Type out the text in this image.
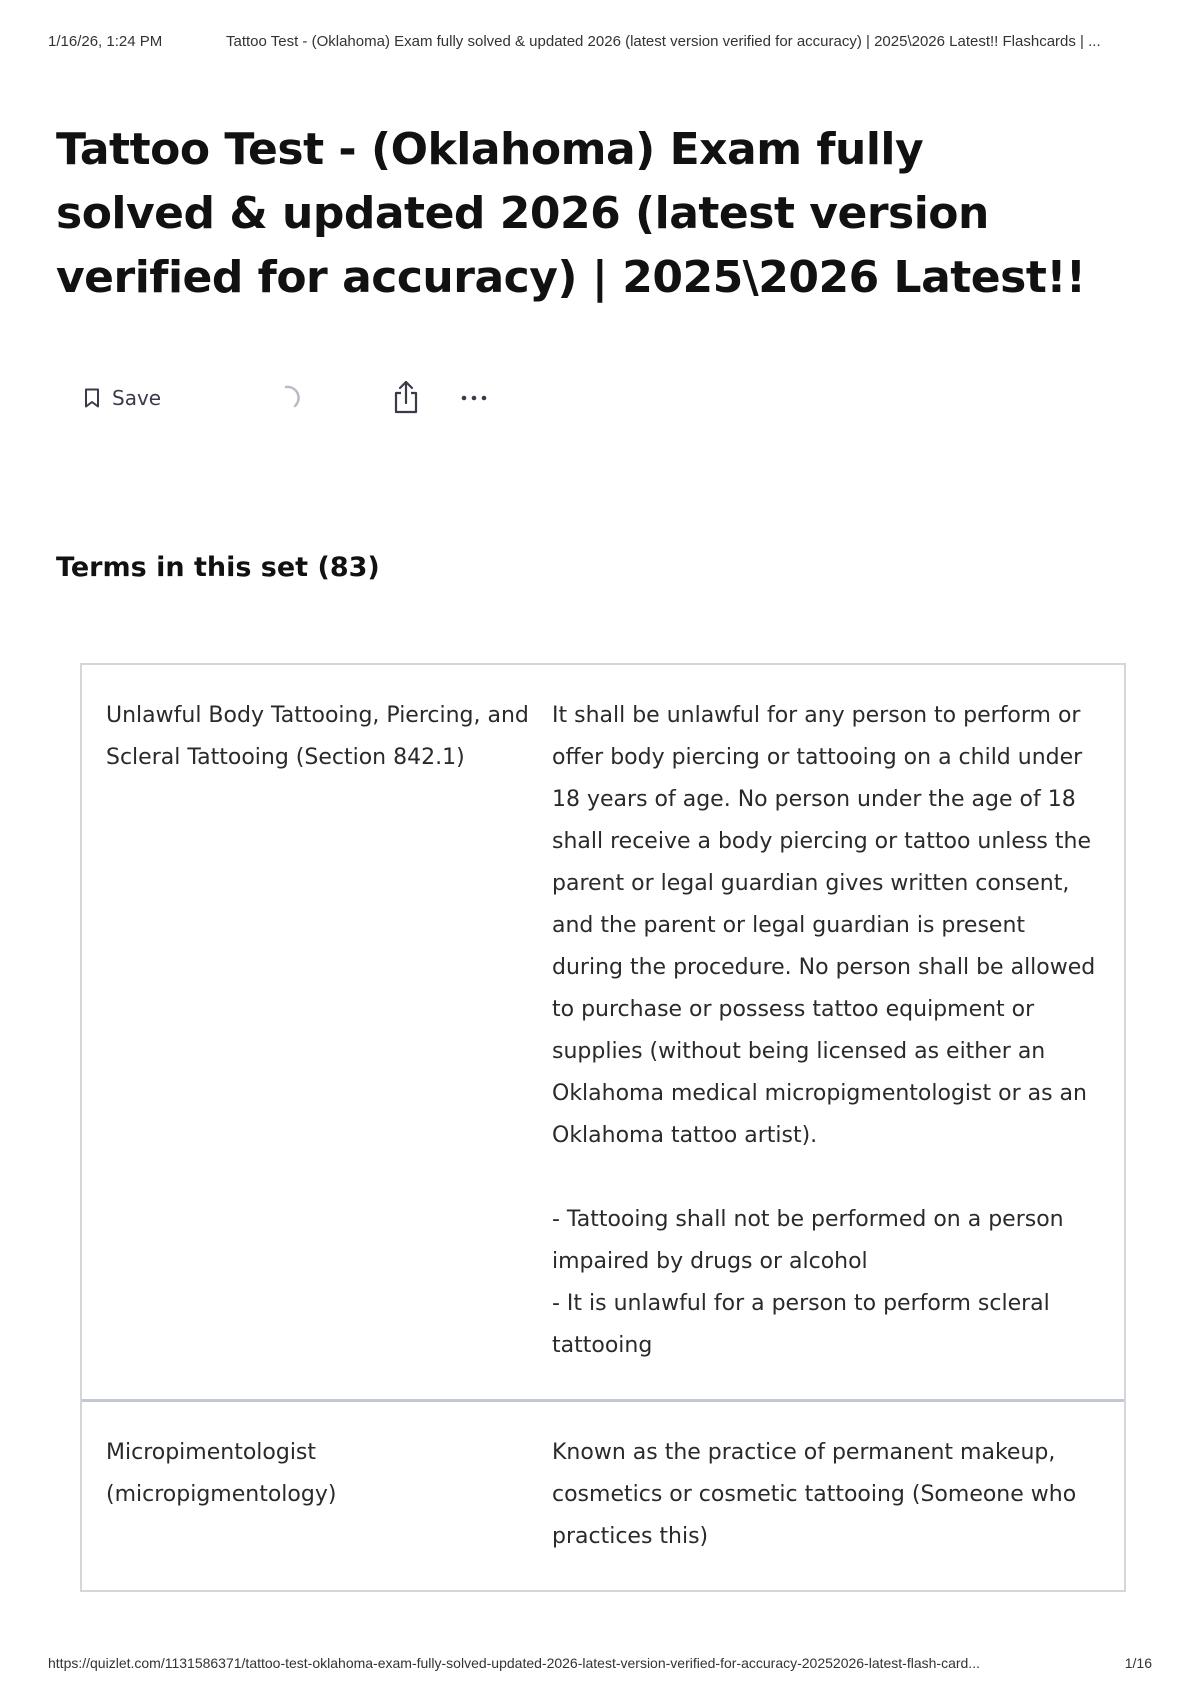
1/16/26, 1:24 PM	Tattoo Test - (Oklahoma) Exam fully solved & updated 2026 (latest version verified for accuracy) | 2025\2026 Latest!! Flashcards | ...
Tattoo Test - (Oklahoma) Exam fully solved & updated 2026 (latest version verified for accuracy) | 2025\2026 Latest!!
Save
Terms in this set (83)
Unlawful Body Tattooing, Piercing, and Scleral Tattooing (Section 842.1)
It shall be unlawful for any person to perform or offer body piercing or tattooing on a child under 18 years of age. No person under the age of 18 shall receive a body piercing or tattoo unless the parent or legal guardian gives written consent, and the parent or legal guardian is present during the procedure. No person shall be allowed to purchase or possess tattoo equipment or supplies (without being licensed as either an Oklahoma medical micropigmentologist or as an Oklahoma tattoo artist).

- Tattooing shall not be performed on a person impaired by drugs or alcohol
- It is unlawful for a person to perform scleral tattooing
Micropimentologist (micropigmentology)
Known as the practice of permanent makeup, cosmetics or cosmetic tattooing (Someone who practices this)
https://quizlet.com/1131586371/tattoo-test-oklahoma-exam-fully-solved-updated-2026-latest-version-verified-for-accuracy-20252026-latest-flash-card...	1/16
